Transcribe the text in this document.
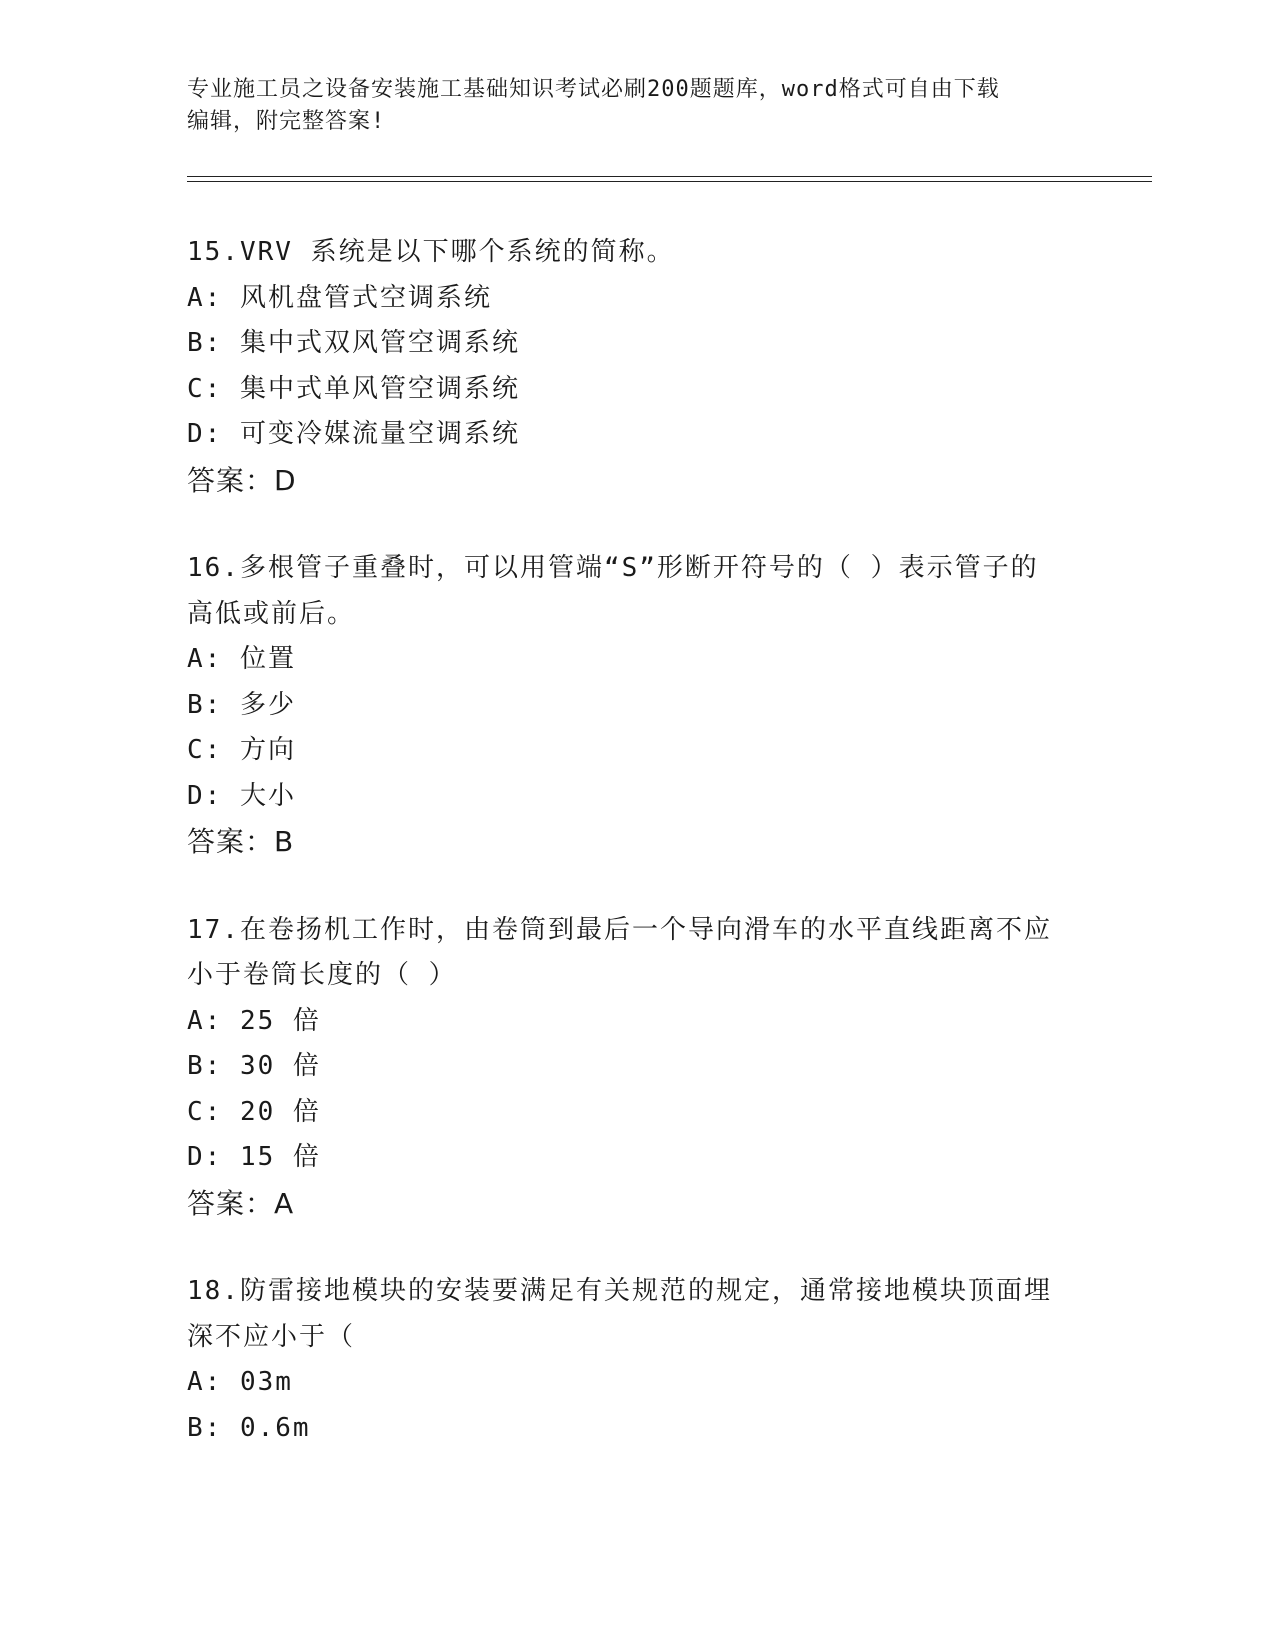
专业施工员之设备安装施工基础知识考试必刷200题题库，word格式可自由下载
编辑，附完整答案!
15.VRV 系统是以下哪个系统的简称。
A: 风机盘管式空调系统
B: 集中式双风管空调系统
C: 集中式单风管空调系统
D: 可变冷媒流量空调系统
答案：D
16.多根管子重叠时，可以用管端“S”形断开符号的（ ）表示管子的
高低或前后。
A: 位置
B: 多少
C: 方向
D: 大小
答案：B
17.在卷扬机工作时，由卷筒到最后一个导向滑车的水平直线距离不应
小于卷筒长度的（ ）
A: 25 倍
B: 30 倍
C: 20 倍
D: 15 倍
答案：A
18.防雷接地模块的安装要满足有关规范的规定，通常接地模块顶面埋
深不应小于（
A: 03m
B: 0.6m
